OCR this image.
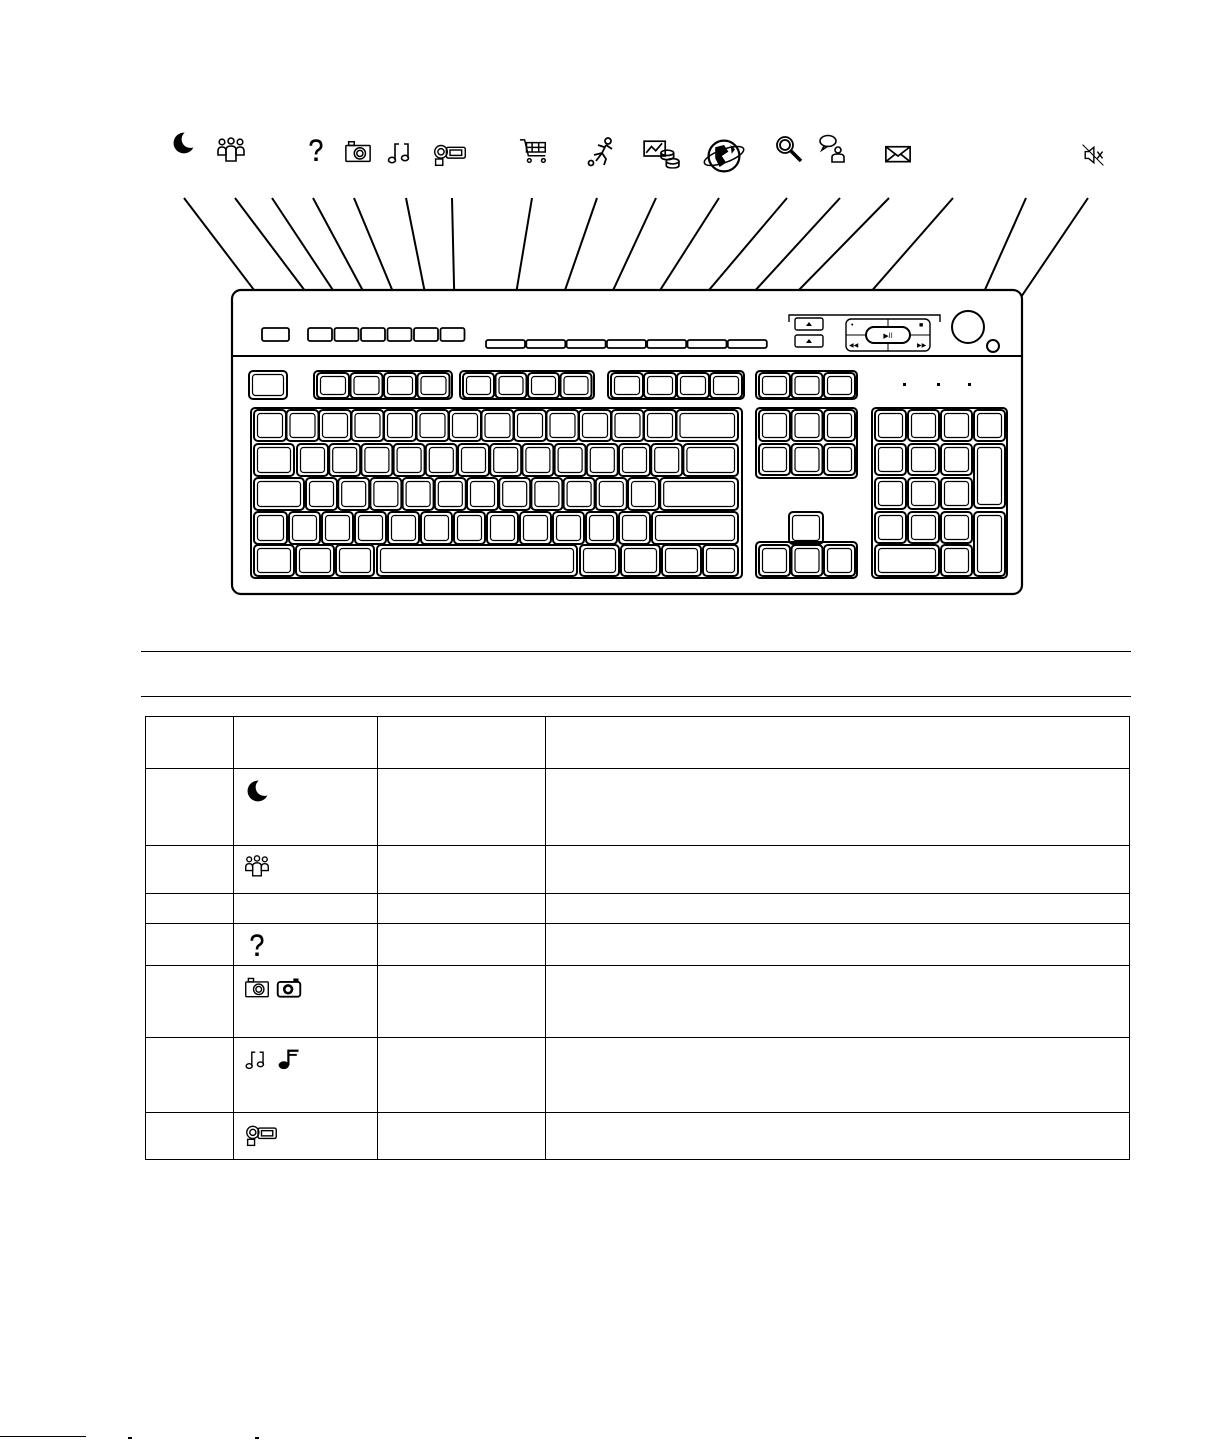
▶ll
•	■
◀◀	▶▶
